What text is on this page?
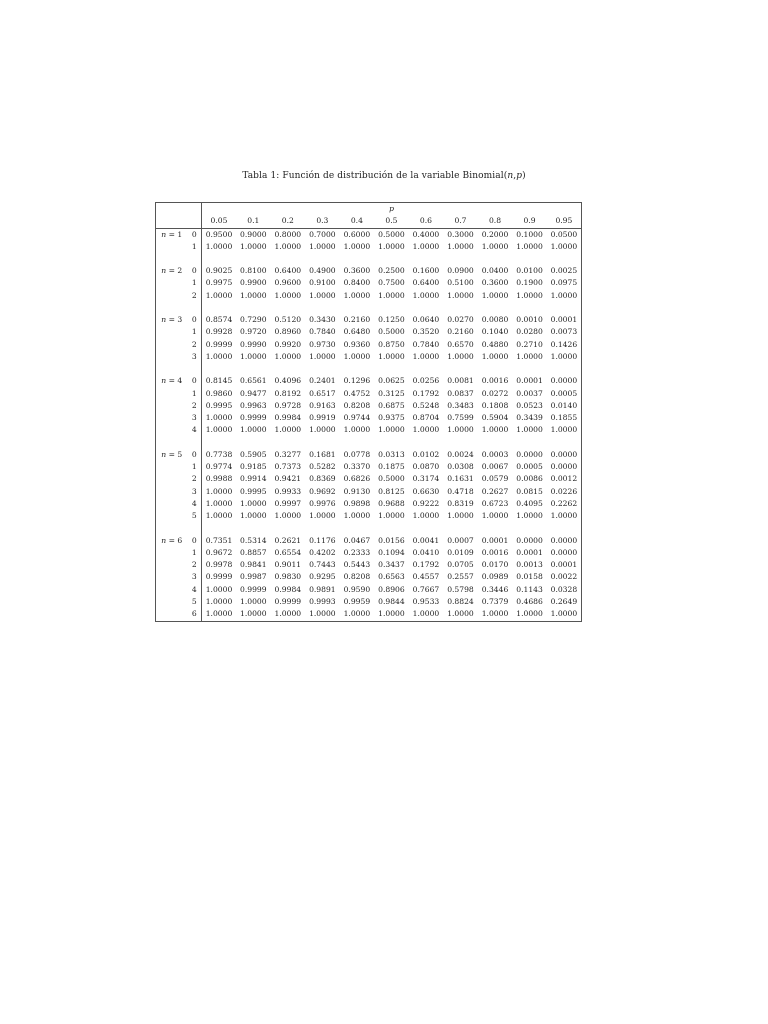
Tabla 1: Función de distribución de la variable Binomial(n,p)
		p										
		0.05	0.1	0.2	0.3	0.4	0.5	0.6	0.7	0.8	0.9	0.95
n = 1	0	0.9500	0.9000	0.8000	0.7000	0.6000	0.5000	0.4000	0.3000	0.2000	0.1000	0.0500
	1	1.0000	1.0000	1.0000	1.0000	1.0000	1.0000	1.0000	1.0000	1.0000	1.0000	1.0000

n = 2	0	0.9025	0.8100	0.6400	0.4900	0.3600	0.2500	0.1600	0.0900	0.0400	0.0100	0.0025
	1	0.9975	0.9900	0.9600	0.9100	0.8400	0.7500	0.6400	0.5100	0.3600	0.1900	0.0975
	2	1.0000	1.0000	1.0000	1.0000	1.0000	1.0000	1.0000	1.0000	1.0000	1.0000	1.0000

n = 3	0	0.8574	0.7290	0.5120	0.3430	0.2160	0.1250	0.0640	0.0270	0.0080	0.0010	0.0001
	1	0.9928	0.9720	0.8960	0.7840	0.6480	0.5000	0.3520	0.2160	0.1040	0.0280	0.0073
	2	0.9999	0.9990	0.9920	0.9730	0.9360	0.8750	0.7840	0.6570	0.4880	0.2710	0.1426
	3	1.0000	1.0000	1.0000	1.0000	1.0000	1.0000	1.0000	1.0000	1.0000	1.0000	1.0000

n = 4	0	0.8145	0.6561	0.4096	0.2401	0.1296	0.0625	0.0256	0.0081	0.0016	0.0001	0.0000
	1	0.9860	0.9477	0.8192	0.6517	0.4752	0.3125	0.1792	0.0837	0.0272	0.0037	0.0005
	2	0.9995	0.9963	0.9728	0.9163	0.8208	0.6875	0.5248	0.3483	0.1808	0.0523	0.0140
	3	1.0000	0.9999	0.9984	0.9919	0.9744	0.9375	0.8704	0.7599	0.5904	0.3439	0.1855
	4	1.0000	1.0000	1.0000	1.0000	1.0000	1.0000	1.0000	1.0000	1.0000	1.0000	1.0000

n = 5	0	0.7738	0.5905	0.3277	0.1681	0.0778	0.0313	0.0102	0.0024	0.0003	0.0000	0.0000
	1	0.9774	0.9185	0.7373	0.5282	0.3370	0.1875	0.0870	0.0308	0.0067	0.0005	0.0000
	2	0.9988	0.9914	0.9421	0.8369	0.6826	0.5000	0.3174	0.1631	0.0579	0.0086	0.0012
	3	1.0000	0.9995	0.9933	0.9692	0.9130	0.8125	0.6630	0.4718	0.2627	0.0815	0.0226
	4	1.0000	1.0000	0.9997	0.9976	0.9898	0.9688	0.9222	0.8319	0.6723	0.4095	0.2262
	5	1.0000	1.0000	1.0000	1.0000	1.0000	1.0000	1.0000	1.0000	1.0000	1.0000	1.0000

n = 6	0	0.7351	0.5314	0.2621	0.1176	0.0467	0.0156	0.0041	0.0007	0.0001	0.0000	0.0000
	1	0.9672	0.8857	0.6554	0.4202	0.2333	0.1094	0.0410	0.0109	0.0016	0.0001	0.0000
	2	0.9978	0.9841	0.9011	0.7443	0.5443	0.3437	0.1792	0.0705	0.0170	0.0013	0.0001
	3	0.9999	0.9987	0.9830	0.9295	0.8208	0.6563	0.4557	0.2557	0.0989	0.0158	0.0022
	4	1.0000	0.9999	0.9984	0.9891	0.9590	0.8906	0.7667	0.5798	0.3446	0.1143	0.0328
	5	1.0000	1.0000	0.9999	0.9993	0.9959	0.9844	0.9533	0.8824	0.7379	0.4686	0.2649
	6	1.0000	1.0000	1.0000	1.0000	1.0000	1.0000	1.0000	1.0000	1.0000	1.0000	1.0000
